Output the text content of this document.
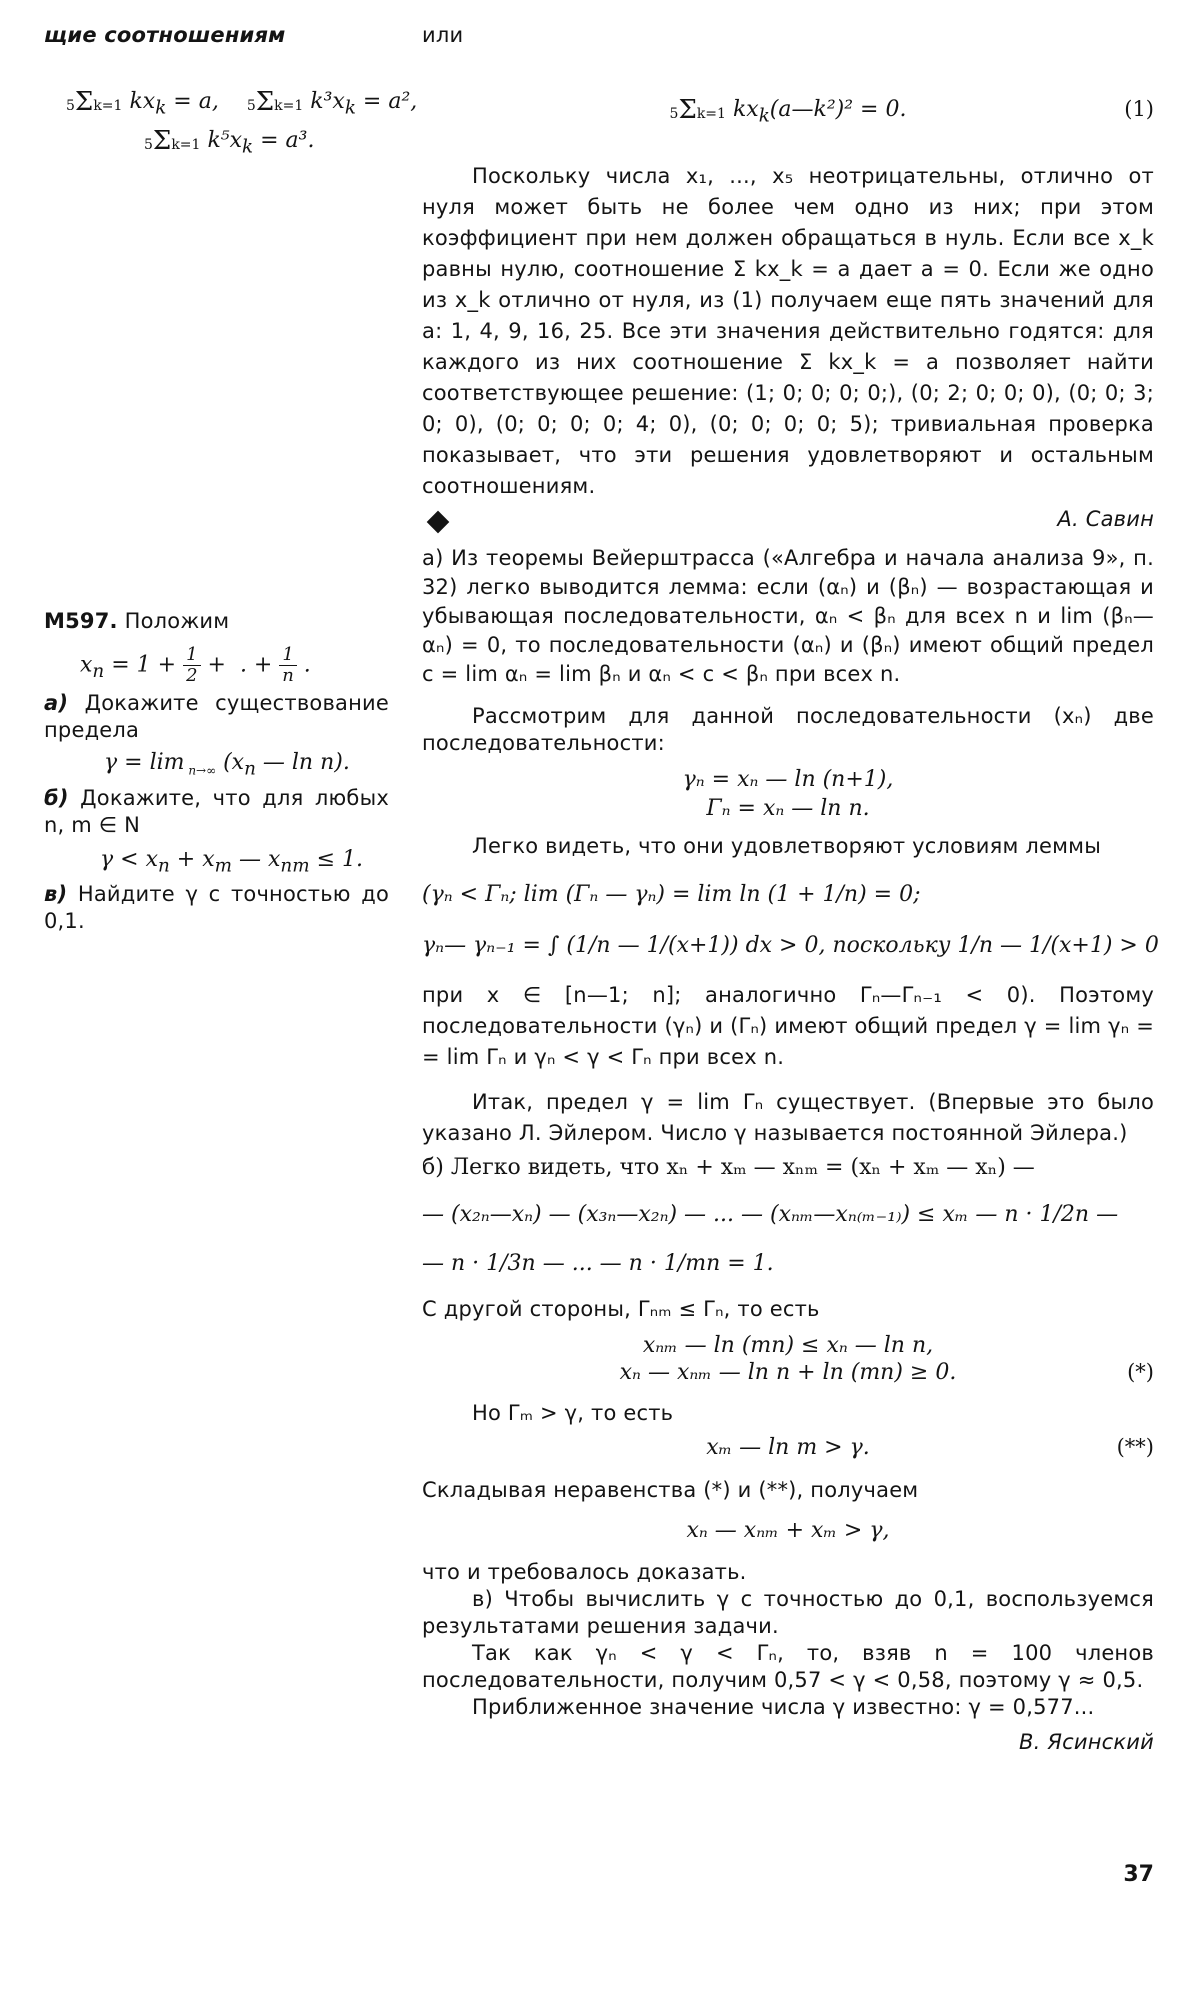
щие соотношениям
5Σk=1 $kx_k = a$, 5Σk=1 $k^3x_k = a^2$,
5Σk=1 $k^5x_k = a^3$.
М597. Положим
$x_n = 1 + \frac{1}{2}$ +  . + $\frac{1}{n}$ .
а) Докажите существование предела
γ = lim $_{n\to\infty}$ ($x_n$ — ln n).
б) Докажите, что для любых n, m ∈ N
$\gamma < x_n + x_m$ — $x_{nm} \le 1$.
в) Найдите γ с точностью до 0,1.
или
5Σk=1 $kx_k(a—k^2)^2 = 0$.	(1)

Поскольку числа x₁, ..., x₅ неотрицательны, отлично от нуля может быть не более чем одно из них; при этом коэффициент при нем должен обращаться в нуль. Если все x_k равны нулю, соотношение Σ kx_k = a дает a = 0. Если же одно из x_k отлично от нуля, из (1) получаем еще пять значений для a: 1, 4, 9, 16, 25. Все эти значения действительно годятся: для каждого из них соотношение Σ kx_k = a позволяет найти соответствующее решение: (1; 0; 0; 0; 0;), (0; 2; 0; 0; 0), (0; 0; 3; 0; 0), (0; 0; 0; 0; 4; 0), (0; 0; 0; 0; 5); тривиальная проверка показывает, что эти решения удовлетворяют и остальным соотношениям.

А. Савин

а) Из теоремы Вейерштрасса («Алгебра и начала анализа 9», п. 32) легко выводится лемма: если (αₙ) и (βₙ) — возрастающая и убывающая последовательности, αₙ < βₙ для всех n и lim (βₙ—αₙ) = 0, то последовательности (αₙ) и (βₙ) имеют общий предел c = lim αₙ = lim βₙ и αₙ < c < βₙ при всех n.

Рассмотрим для данной последовательности (xₙ) две последовательности:

γₙ = xₙ — ln (n+1),
Γₙ = xₙ — ln n.

Легко видеть, что они удовлетворяют условиям леммы

(γₙ < Γₙ; lim (Γₙ — γₙ) = lim ln (1 + 1/n) = 0;
γₙ— γₙ₋₁ = ∫ (1/n — 1/(x+1)) dx > 0, поскольку 1/n — 1/(x+1) > 0

при x ∈ [n—1; n]; аналогично Γₙ—Γₙ₋₁ < 0). Поэтому последовательности (γₙ) и (Γₙ) имеют общий предел γ = lim γₙ = = lim Γₙ и γₙ < γ < Γₙ при всех n.

Итак, предел γ = lim Γₙ существует. (Впервые это было указано Л. Эйлером. Число γ называется постоянной Эйлера.)

б) Легко видеть, что xₙ + xₘ — xₙₘ = (xₙ + xₘ — xₙ) —
— (x₂ₙ—xₙ) — (x₃ₙ—x₂ₙ) — ... — (xₙₘ—xₙ₍ₘ₋₁₎) ≤ xₘ — n · 1/2n —
— n · 1/3n — ... — n · 1/mn = 1.

С другой стороны, Γₙₘ ≤ Γₙ, то есть

xₙₘ — ln (mn) ≤ xₙ — ln n,
xₙ — xₙₘ — ln n + ln (mn) ≥ 0.	(*)

Но Γₘ > γ, то есть

xₘ — ln m > γ.	(**)

Складывая неравенства (*) и (**), получаем

xₙ — xₙₘ + xₘ > γ,

что и требовалось доказать.

в) Чтобы вычислить γ с точностью до 0,1, воспользуемся результатами решения задачи.

Так как γₙ < γ < Γₙ, то, взяв n = 100 членов последовательности, получим 0,57 < γ < 0,58, поэтому γ ≈ 0,5.

Приближенное значение числа γ известно: γ = 0,577...

В. Ясинский
37
